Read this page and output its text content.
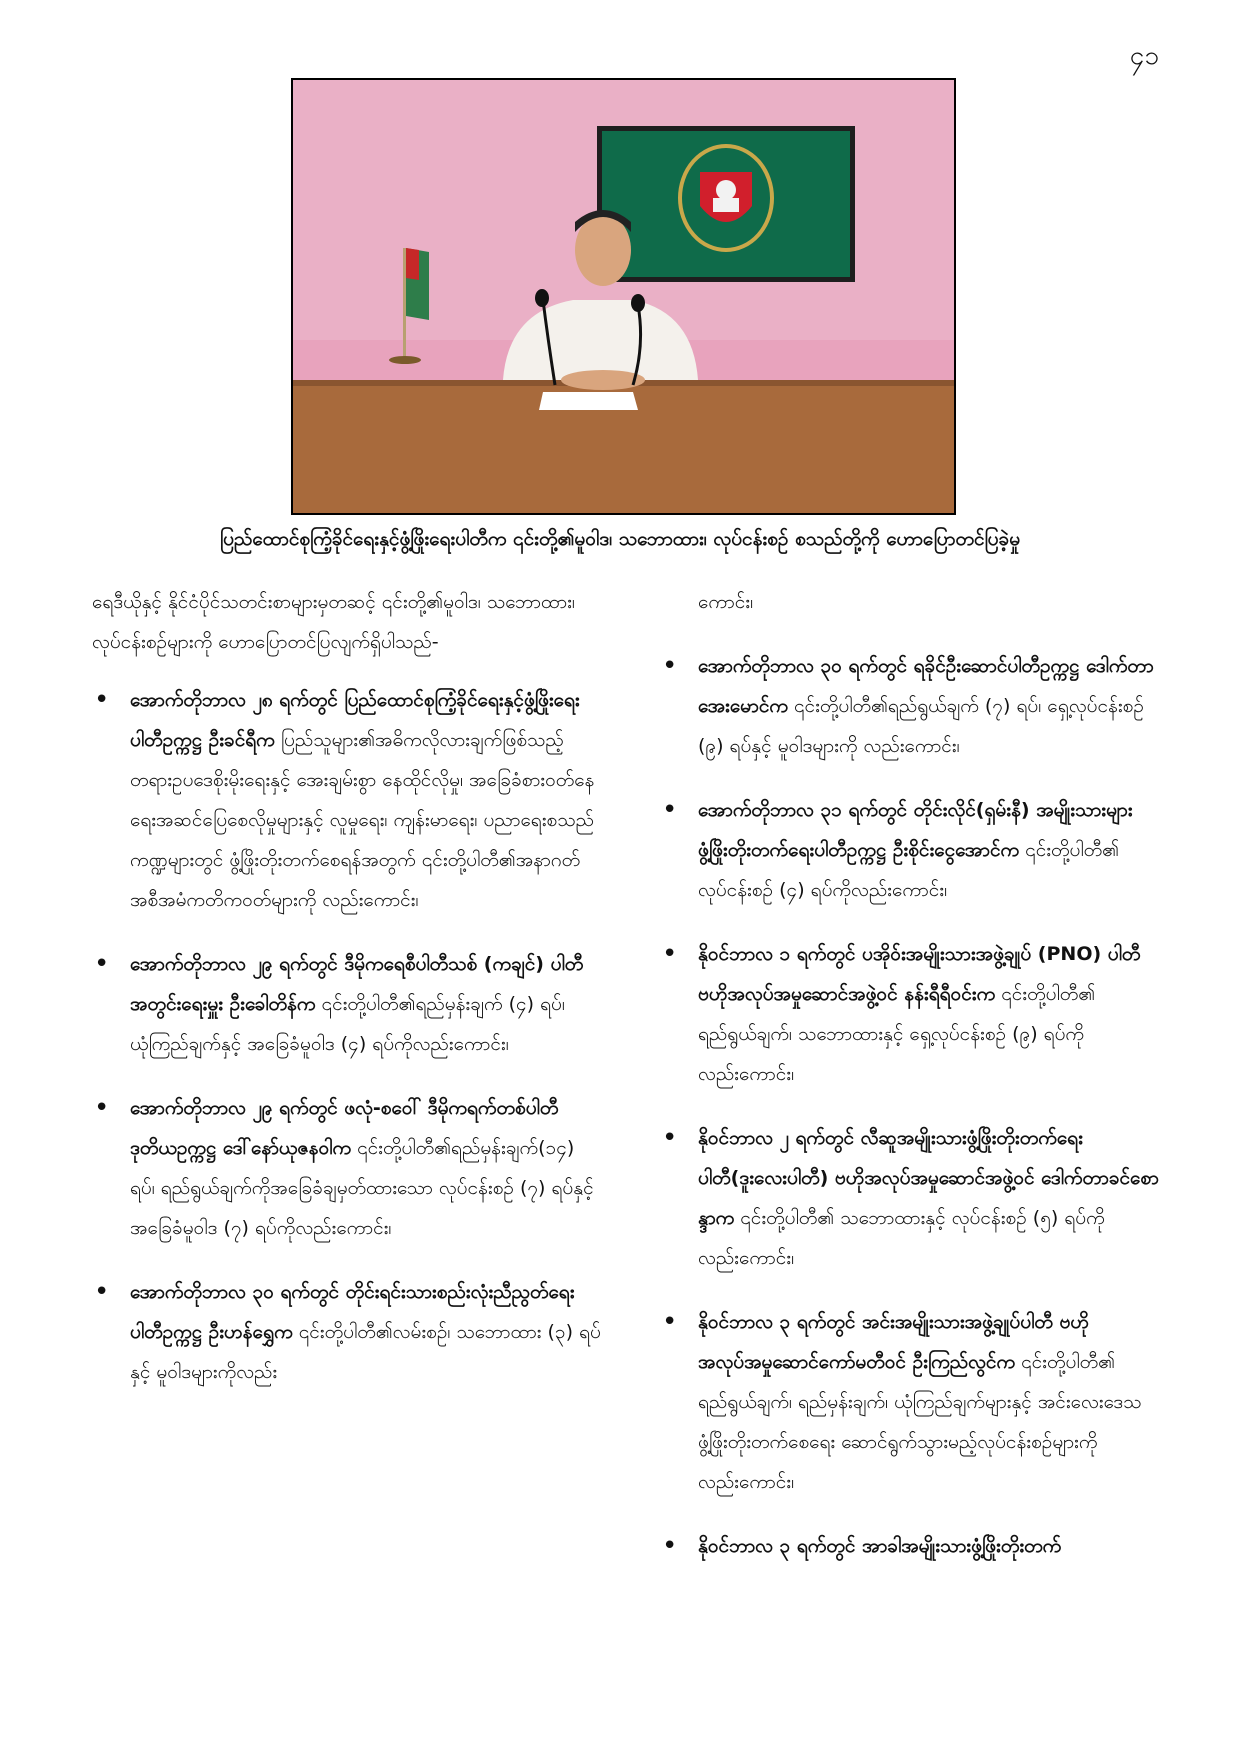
၄၁
ပြည်ထောင်စုကြံ့ခိုင်ရေးနှင့်ဖွံ့ဖြိုးရေးပါတီက ၎င်းတို့၏မူဝါဒ၊ သဘောထား၊ လုပ်ငန်းစဉ် စသည်တို့ကို ဟောပြောတင်ပြခဲ့မှု

ရေဒီယိုနှင့် နိုင်ငံပိုင်သတင်းစာများမှတဆင့် ၎င်းတို့၏မူဝါဒ၊ သဘောထား၊ လုပ်ငန်းစဉ်များကို ဟောပြောတင်ပြလျက်ရှိပါသည်-

• အောက်တိုဘာလ ၂၈ ရက်တွင် ပြည်ထောင်စုကြံ့ခိုင်ရေးနှင့်ဖွံ့ဖြိုးရေးပါတီဥက္ကဋ္ဌ ဦးခင်ရီက ပြည်သူများ၏အဓိကလိုလားချက်ဖြစ်သည့် တရားဥပဒေစိုးမိုးရေးနှင့် အေးချမ်းစွာ နေထိုင်လိုမှု၊ အခြေခံစားဝတ်နေရေးအဆင်ပြေစေလိုမှုများနှင့် လူမှုရေး၊ ကျန်းမာရေး၊ ပညာရေးစသည်ကဏ္ဍများတွင် ဖွံ့ဖြိုးတိုးတက်စေရန်အတွက် ၎င်းတို့ပါတီ၏အနာဂတ်အစီအမံကတိကဝတ်များကို လည်းကောင်း၊
• အောက်တိုဘာလ ၂၉ ရက်တွင် ဒီမိုကရေစီပါတီသစ် (ကချင်) ပါတီအတွင်းရေးမှူး ဦးခေါတိန်က ၎င်းတို့ပါတီ၏ရည်မှန်းချက် (၄) ရပ်၊ ယုံကြည်ချက်နှင့် အခြေခံမူဝါဒ (၄) ရပ်ကိုလည်းကောင်း၊
• အောက်တိုဘာလ ၂၉ ရက်တွင် ဖလုံ-စဝေါ် ဒီမိုကရက်တစ်ပါတီ ဒုတိယဥက္ကဋ္ဌ ဒေါ်နော်ယုဇနဝါက ၎င်းတို့ပါတီ၏ရည်မှန်းချက်(၁၄) ရပ်၊ ရည်ရွယ်ချက်ကိုအခြေခံချမှတ်ထားသော လုပ်ငန်းစဉ် (၇) ရပ်နှင့် အခြေခံမူဝါဒ (၇) ရပ်ကိုလည်းကောင်း၊
• အောက်တိုဘာလ ၃၀ ရက်တွင် တိုင်းရင်းသားစည်းလုံးညီညွတ်ရေးပါတီဥက္ကဋ္ဌ ဦးဟန်ရွှေက ၎င်းတို့ပါတီ၏လမ်းစဉ်၊ သဘောထား (၃) ရပ်နှင့် မူဝါဒများကိုလည်း
ကောင်း၊
• အောက်တိုဘာလ ၃၀ ရက်တွင် ရခိုင်ဦးဆောင်ပါတီဥက္ကဋ္ဌ ဒေါက်တာအေးမောင်က ၎င်းတို့ပါတီ၏ရည်ရွယ်ချက် (၇) ရပ်၊ ရှေ့လုပ်ငန်းစဉ် (၉) ရပ်နှင့် မူဝါဒများကို လည်းကောင်း၊
• အောက်တိုဘာလ ၃၁ ရက်တွင် တိုင်းလိုင်(ရှမ်းနီ) အမျိုးသားများဖွံ့ဖြိုးတိုးတက်ရေးပါတီဥက္ကဋ္ဌ ဦးစိုင်းငွေအောင်က ၎င်းတို့ပါတီ၏ လုပ်ငန်းစဉ် (၄) ရပ်ကိုလည်းကောင်း၊
• နိုဝင်ဘာလ ၁ ရက်တွင် ပအိုဝ်းအမျိုးသားအဖွဲ့ချုပ် (PNO) ပါတီ ဗဟိုအလုပ်အမှုဆောင်အဖွဲ့ဝင် နန်းရီရီဝင်းက ၎င်းတို့ပါတီ၏ ရည်ရွယ်ချက်၊ သဘောထားနှင့် ရှေ့လုပ်ငန်းစဉ် (၉) ရပ်ကို လည်းကောင်း၊
• နိုဝင်ဘာလ ၂ ရက်တွင် လီဆူအမျိုးသားဖွံ့ဖြိုးတိုးတက်ရေးပါတီ(ဒူးလေးပါတီ) ဗဟိုအလုပ်အမှုဆောင်အဖွဲ့ဝင် ဒေါက်တာခင်စောန္ဒာက ၎င်းတို့ပါတီ၏ သဘောထားနှင့် လုပ်ငန်းစဉ် (၅) ရပ်ကို လည်းကောင်း၊
• နိုဝင်ဘာလ ၃ ရက်တွင် အင်းအမျိုးသားအဖွဲ့ချုပ်ပါတီ ဗဟိုအလုပ်အမှုဆောင်ကော်မတီဝင် ဦးကြည်လွင်က ၎င်းတို့ပါတီ၏ ရည်ရွယ်ချက်၊ ရည်မှန်းချက်၊ ယုံကြည်ချက်များနှင့် အင်းလေးဒေသ ဖွံ့ဖြိုးတိုးတက်စေရေး ဆောင်ရွက်သွားမည့်လုပ်ငန်းစဉ်များကိုလည်းကောင်း၊
• နိုဝင်ဘာလ ၃ ရက်တွင် အာခါအမျိုးသားဖွံ့ဖြိုးတိုးတက်
